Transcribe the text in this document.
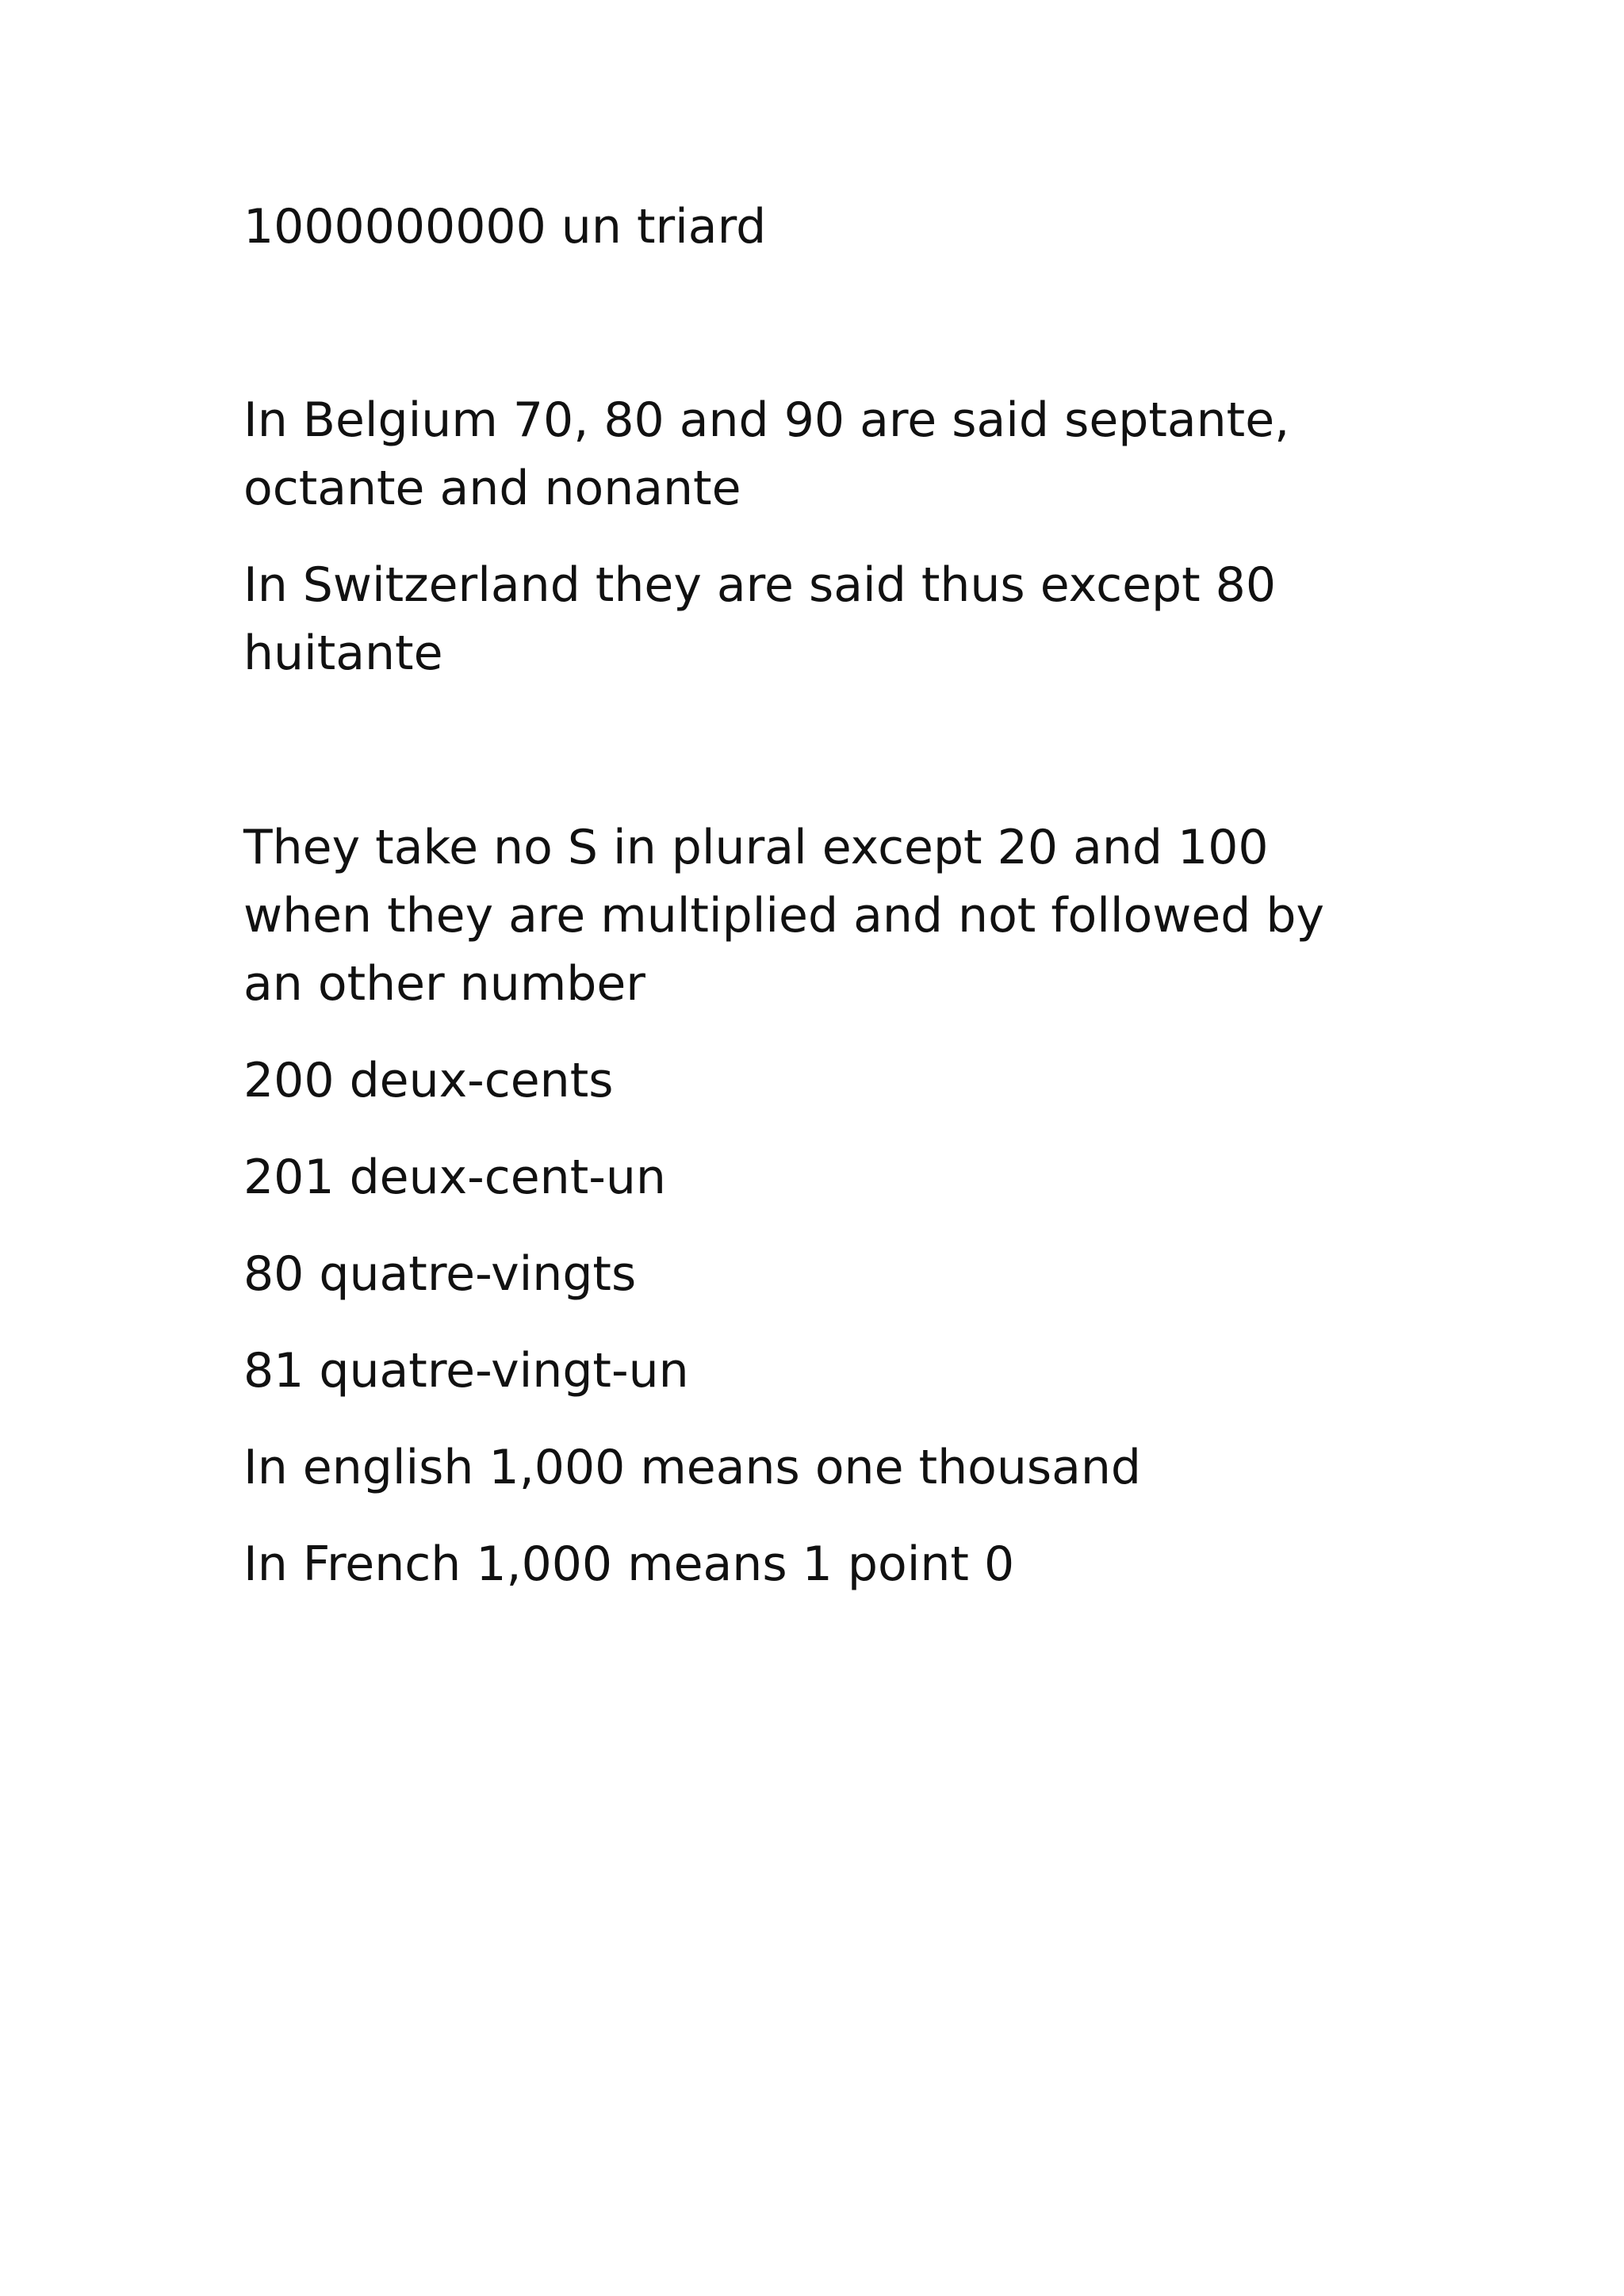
1000000000 un triard

In Belgium 70, 80 and 90 are said septante,

octante and nonante

In Switzerland they are said thus except 80

huitante

They take no S in plural except 20 and 100

when they are multiplied and not followed by

an other number

200 deux-cents

201 deux-cent-un

80 quatre-vingts

81 quatre-vingt-un

In english 1,000 means one thousand

In French 1,000 means 1 point 0
